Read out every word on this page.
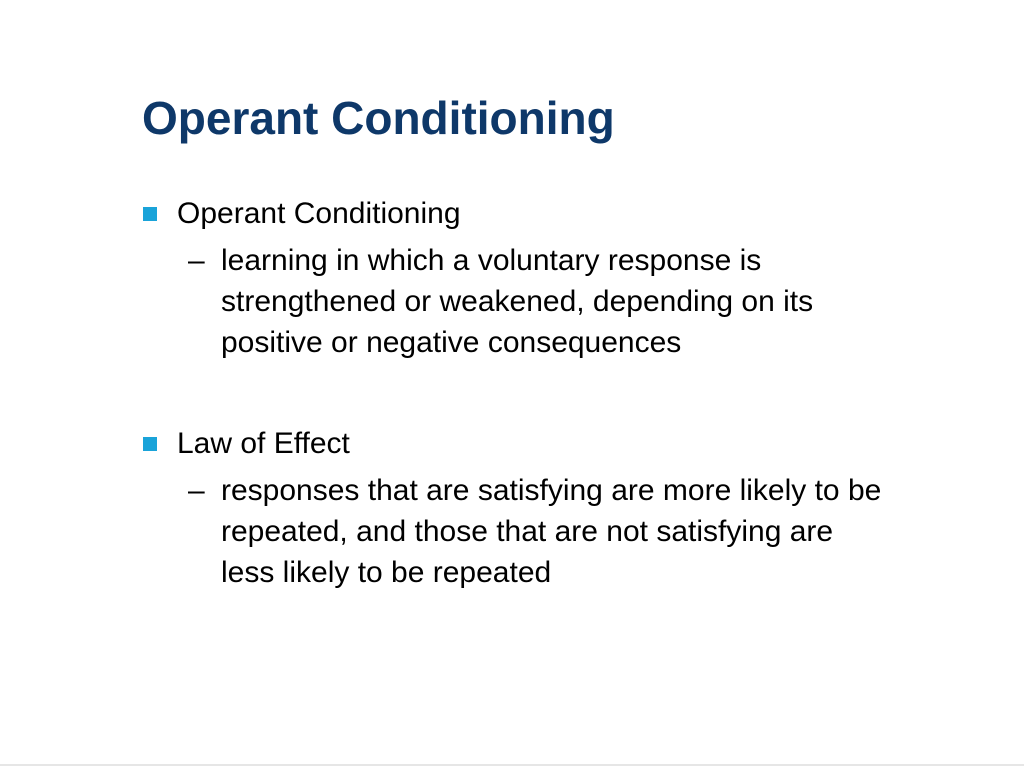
Operant Conditioning
Operant Conditioning
– learning in which a voluntary response is
strengthened or weakened, depending on its
positive or negative consequences
Law of Effect
– responses that are satisfying are more likely to be
repeated, and those that are not satisfying are
less likely to be repeated
